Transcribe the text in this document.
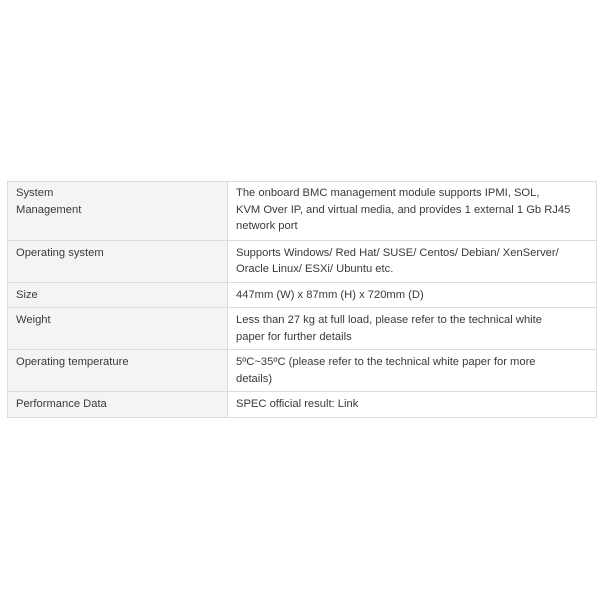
System
Management	The onboard BMC management module supports IPMI, SOL,
KVM Over IP, and virtual media, and provides 1 external 1 Gb RJ45
network port
Operating system	Supports Windows/ Red Hat/ SUSE/ Centos/ Debian/ XenServer/
Oracle Linux/ ESXi/ Ubuntu etc.
Size	447mm (W) x 87mm (H) x 720mm (D)
Weight	Less than 27 kg at full load, please refer to the technical white
paper for further details
Operating temperature	5ºC~35ºC (please refer to the technical white paper for more
details)
Performance Data	SPEC official result: Link
